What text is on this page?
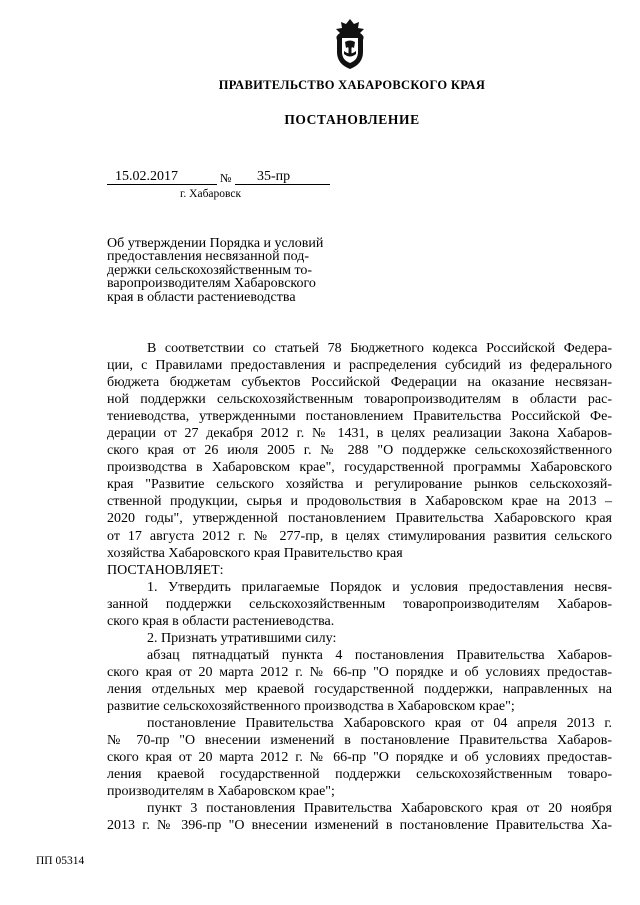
ПРАВИТЕЛЬСТВО ХАБАРОВСКОГО КРАЯ
ПОСТАНОВЛЕНИЕ
15.02.2017	№	35-пр
г. Хабаровск
Об утверждении Порядка и условий
предоставления несвязанной под-
держки сельскохозяйственным то-
варопроизводителям Хабаровского
края в области растениеводства
В соответствии со статьей 78 Бюджетного кодекса Российской Федера-
ции, с Правилами предоставления и распределения субсидий из федерального
бюджета бюджетам субъектов Российской Федерации на оказание несвязан-
ной поддержки сельскохозяйственным товаропроизводителям в области рас-
тениеводства, утвержденными постановлением Правительства Российской Фе-
дерации от 27 декабря 2012 г. № 1431, в целях реализации Закона Хабаров-
ского края от 26 июля 2005 г. № 288 "О поддержке сельскохозяйственного
производства в Хабаровском крае", государственной программы Хабаровского
края "Развитие сельского хозяйства и регулирование рынков сельскохозяй-
ственной продукции, сырья и продовольствия в Хабаровском крае на 2013 –
2020 годы", утвержденной постановлением Правительства Хабаровского края
от 17 августа 2012 г. № 277-пр, в целях стимулирования развития сельского
хозяйства Хабаровского края Правительство края
ПОСТАНОВЛЯЕТ:
1. Утвердить прилагаемые Порядок и условия предоставления несвя-
занной поддержки сельскохозяйственным товаропроизводителям Хабаров-
ского края в области растениеводства.
2. Признать утратившими силу:
абзац пятнадцатый пункта 4 постановления Правительства Хабаров-
ского края от 20 марта 2012 г. № 66-пр "О порядке и об условиях предостав-
ления отдельных мер краевой государственной поддержки, направленных на
развитие сельскохозяйственного производства в Хабаровском крае";
постановление Правительства Хабаровского края от 04 апреля 2013 г.
№ 70-пр "О внесении изменений в постановление Правительства Хабаров-
ского края от 20 марта 2012 г. № 66-пр "О порядке и об условиях предостав-
ления краевой государственной поддержки сельскохозяйственным товаро-
производителям в Хабаровском крае";
пункт 3 постановления Правительства Хабаровского края от 20 ноября
2013 г. № 396-пр "О внесении изменений в постановление Правительства Ха-
ПП 05314
